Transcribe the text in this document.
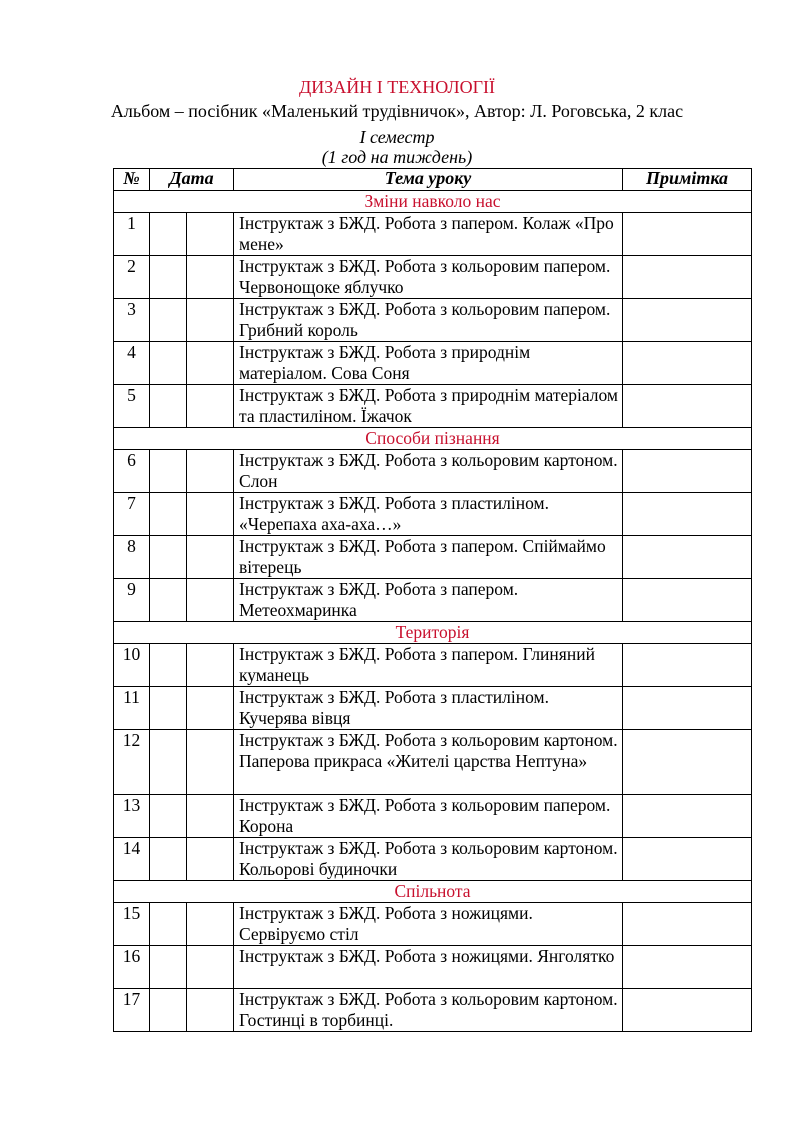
ДИЗАЙН І ТЕХНОЛОГІЇ
Альбом – посібник «Маленький трудівничок», Автор: Л. Роговська, 2 клас
І семестр
(1 год на тиждень)
№	Дата		Тема уроку	Примітка
Зміни навколо нас				
1			Інструктаж з БЖД. Робота з папером. Колаж «Про мене»	
2			Інструктаж з БЖД. Робота з кольоровим папером. Червонощоке яблучко	
3			Інструктаж з БЖД. Робота з кольоровим папером. Грибний король	
4			Інструктаж з БЖД. Робота з природнім матеріалом. Сова Соня	
5			Інструктаж з БЖД. Робота з природнім матеріалом та пластиліном. Їжачок	
Способи пізнання				
6			Інструктаж з БЖД. Робота з кольоровим картоном. Слон	
7			Інструктаж з БЖД. Робота з пластиліном. «Черепаха аха-аха…»	
8			Інструктаж з БЖД. Робота з папером. Спіймаймо вітерець	
9			Інструктаж з БЖД. Робота з папером. Метеохмаринка	
Територія				
10			Інструктаж з БЖД. Робота з папером. Глиняний куманець	
11			Інструктаж з БЖД. Робота з пластиліном. Кучерява вівця	
12			Інструктаж з БЖД. Робота з кольоровим картоном. Паперова прикраса «Жителі царства Нептуна»	
13			Інструктаж з БЖД. Робота з кольоровим папером. Корона	
14			Інструктаж з БЖД. Робота з кольоровим картоном. Кольорові будиночки	
Спільнота				
15			Інструктаж з БЖД. Робота з ножицями. Сервіруємо стіл	
16			Інструктаж з БЖД. Робота з ножицями. Янголятко	
17			Інструктаж з БЖД. Робота з кольоровим картоном. Гостинці в торбинці.	
